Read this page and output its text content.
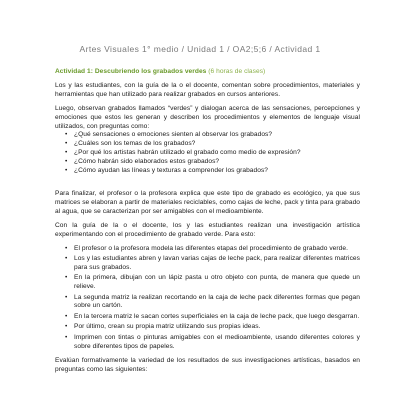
Artes Visuales 1° medio / Unidad 1 / OA2;5;6 / Actividad 1
Actividad 1: Descubriendo los grabados verdes (6 horas de clases)

Los y las estudiantes, con la guía de la o el docente, comentan sobre procedimientos, materiales y herramientas que han utilizado para realizar grabados en cursos anteriores.

Luego, observan grabados llamados “verdes” y dialogan acerca de las sensaciones, percepciones y emociones que estos les generan y describen los procedimientos y elementos de lenguaje visual utilizados, con preguntas como:

• ¿Qué sensaciones o emociones sienten al observar los grabados?
• ¿Cuáles son los temas de los grabados?
• ¿Por qué los artistas habrán utilizado el grabado como medio de expresión?
• ¿Cómo habrán sido elaborados estos grabados?
• ¿Cómo ayudan las líneas y texturas a comprender los grabados?

Para finalizar, el profesor o la profesora explica que este tipo de grabado es ecológico, ya que sus matrices se elaboran a partir de materiales reciclables, como cajas de leche, pack y tinta para grabado al agua, que se caracterizan por ser amigables con el medioambiente.

Con la guía de la o el docente, los y las estudiantes realizan una investigación artística experimentando con el procedimiento de grabado verde. Para esto:

• El profesor o la profesora modela las diferentes etapas del procedimiento de grabado verde.
• Los y las estudiantes abren y lavan varias cajas de leche pack, para realizar diferentes matrices para sus grabados.
• En la primera, dibujan con un lápiz pasta u otro objeto con punta, de manera que quede un relieve.
• La segunda matriz la realizan recortando en la caja de leche pack diferentes formas que pegan sobre un cartón.
• En la tercera matriz le sacan cortes superficiales en la caja de leche pack, que luego desgarran.
• Por último, crean su propia matriz utilizando sus propias ideas.
• Imprimen con tintas o pinturas amigables con el medioambiente, usando diferentes colores y sobre diferentes tipos de papeles.

Evalúan formativamente la variedad de los resultados de sus investigaciones artísticas, basados en preguntas como las siguientes:
